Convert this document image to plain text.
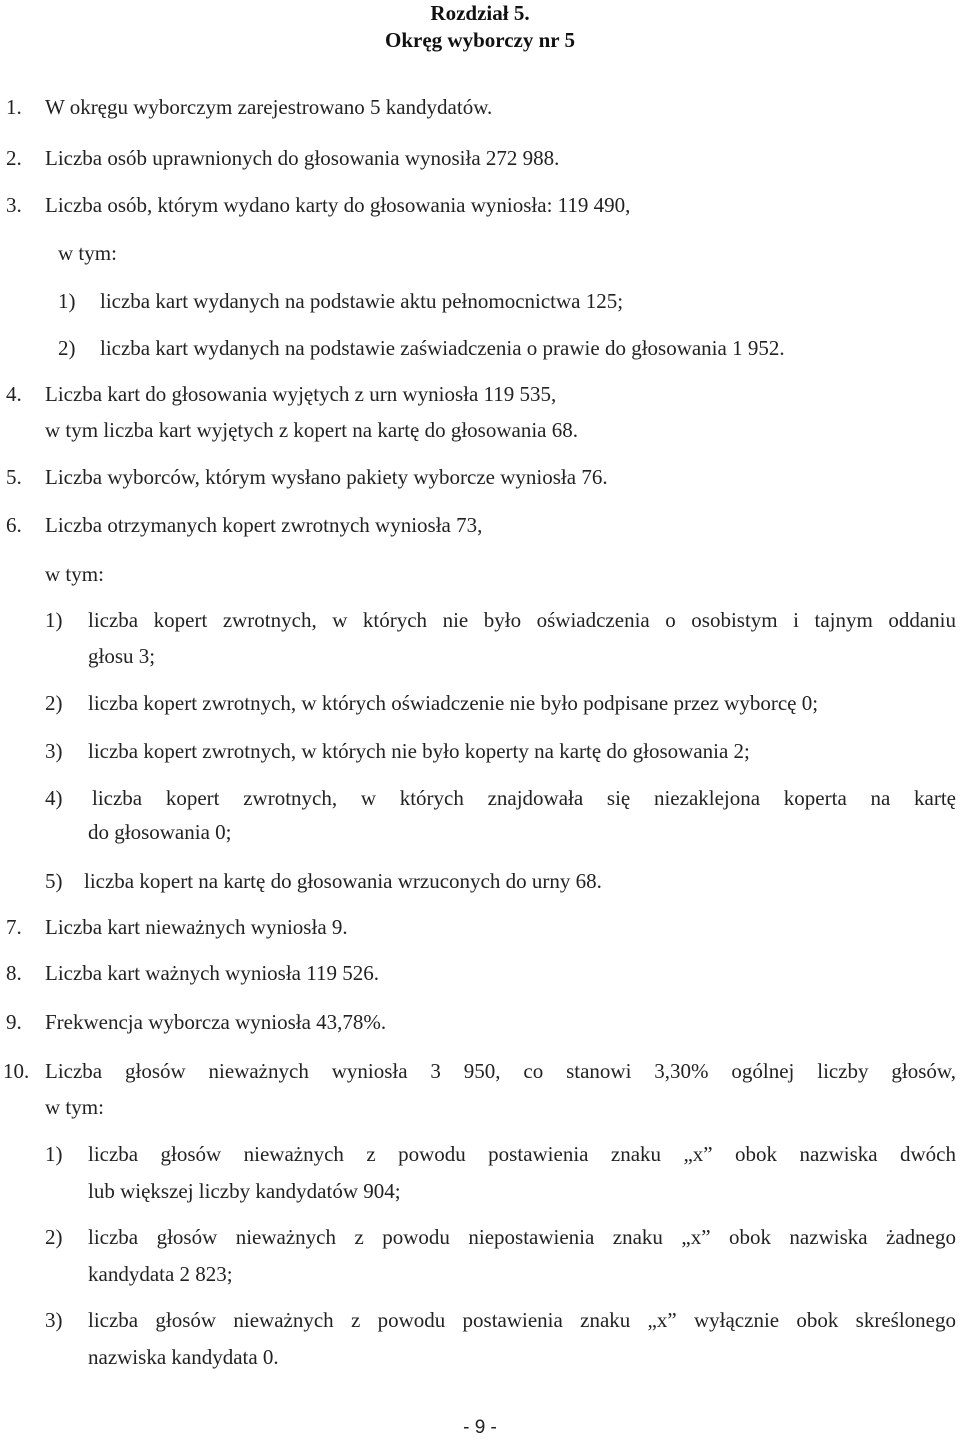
Rozdział 5.
Okręg wyborczy nr 5
1. W okręgu wyborczym zarejestrowano 5 kandydatów.
2. Liczba osób uprawnionych do głosowania wynosiła 272 988.
3. Liczba osób, którym wydano karty do głosowania wyniosła: 119 490,
w tym:
1) liczba kart wydanych na podstawie aktu pełnomocnictwa 125;
2) liczba kart wydanych na podstawie zaświadczenia o prawie do głosowania 1 952.
4. Liczba kart do głosowania wyjętych z urn wyniosła 119 535,
w tym liczba kart wyjętych z kopert na kartę do głosowania 68.
5. Liczba wyborców, którym wysłano pakiety wyborcze wyniosła 76.
6. Liczba otrzymanych kopert zwrotnych wyniosła 73,
w tym:
1) liczba kopert zwrotnych, w których nie było oświadczenia o osobistym i tajnym oddaniu
głosu 3;
2) liczba kopert zwrotnych, w których oświadczenie nie było podpisane przez wyborcę 0;
3) liczba kopert zwrotnych, w których nie było koperty na kartę do głosowania 2;
4) liczba kopert zwrotnych, w których znajdowała się niezaklejona koperta na kartę
do głosowania 0;
5) liczba kopert na kartę do głosowania wrzuconych do urny 68.
7. Liczba kart nieważnych wyniosła 9.
8. Liczba kart ważnych wyniosła 119 526.
9. Frekwencja wyborcza wyniosła 43,78%.
10. Liczba głosów nieważnych wyniosła 3 950, co stanowi 3,30% ogólnej liczby głosów,
w tym:
1) liczba głosów nieważnych z powodu postawienia znaku „x” obok nazwiska dwóch
lub większej liczby kandydatów 904;
2) liczba głosów nieważnych z powodu niepostawienia znaku „x” obok nazwiska żadnego
kandydata 2 823;
3) liczba głosów nieważnych z powodu postawienia znaku „x” wyłącznie obok skreślonego
nazwiska kandydata 0.
- 9 -
